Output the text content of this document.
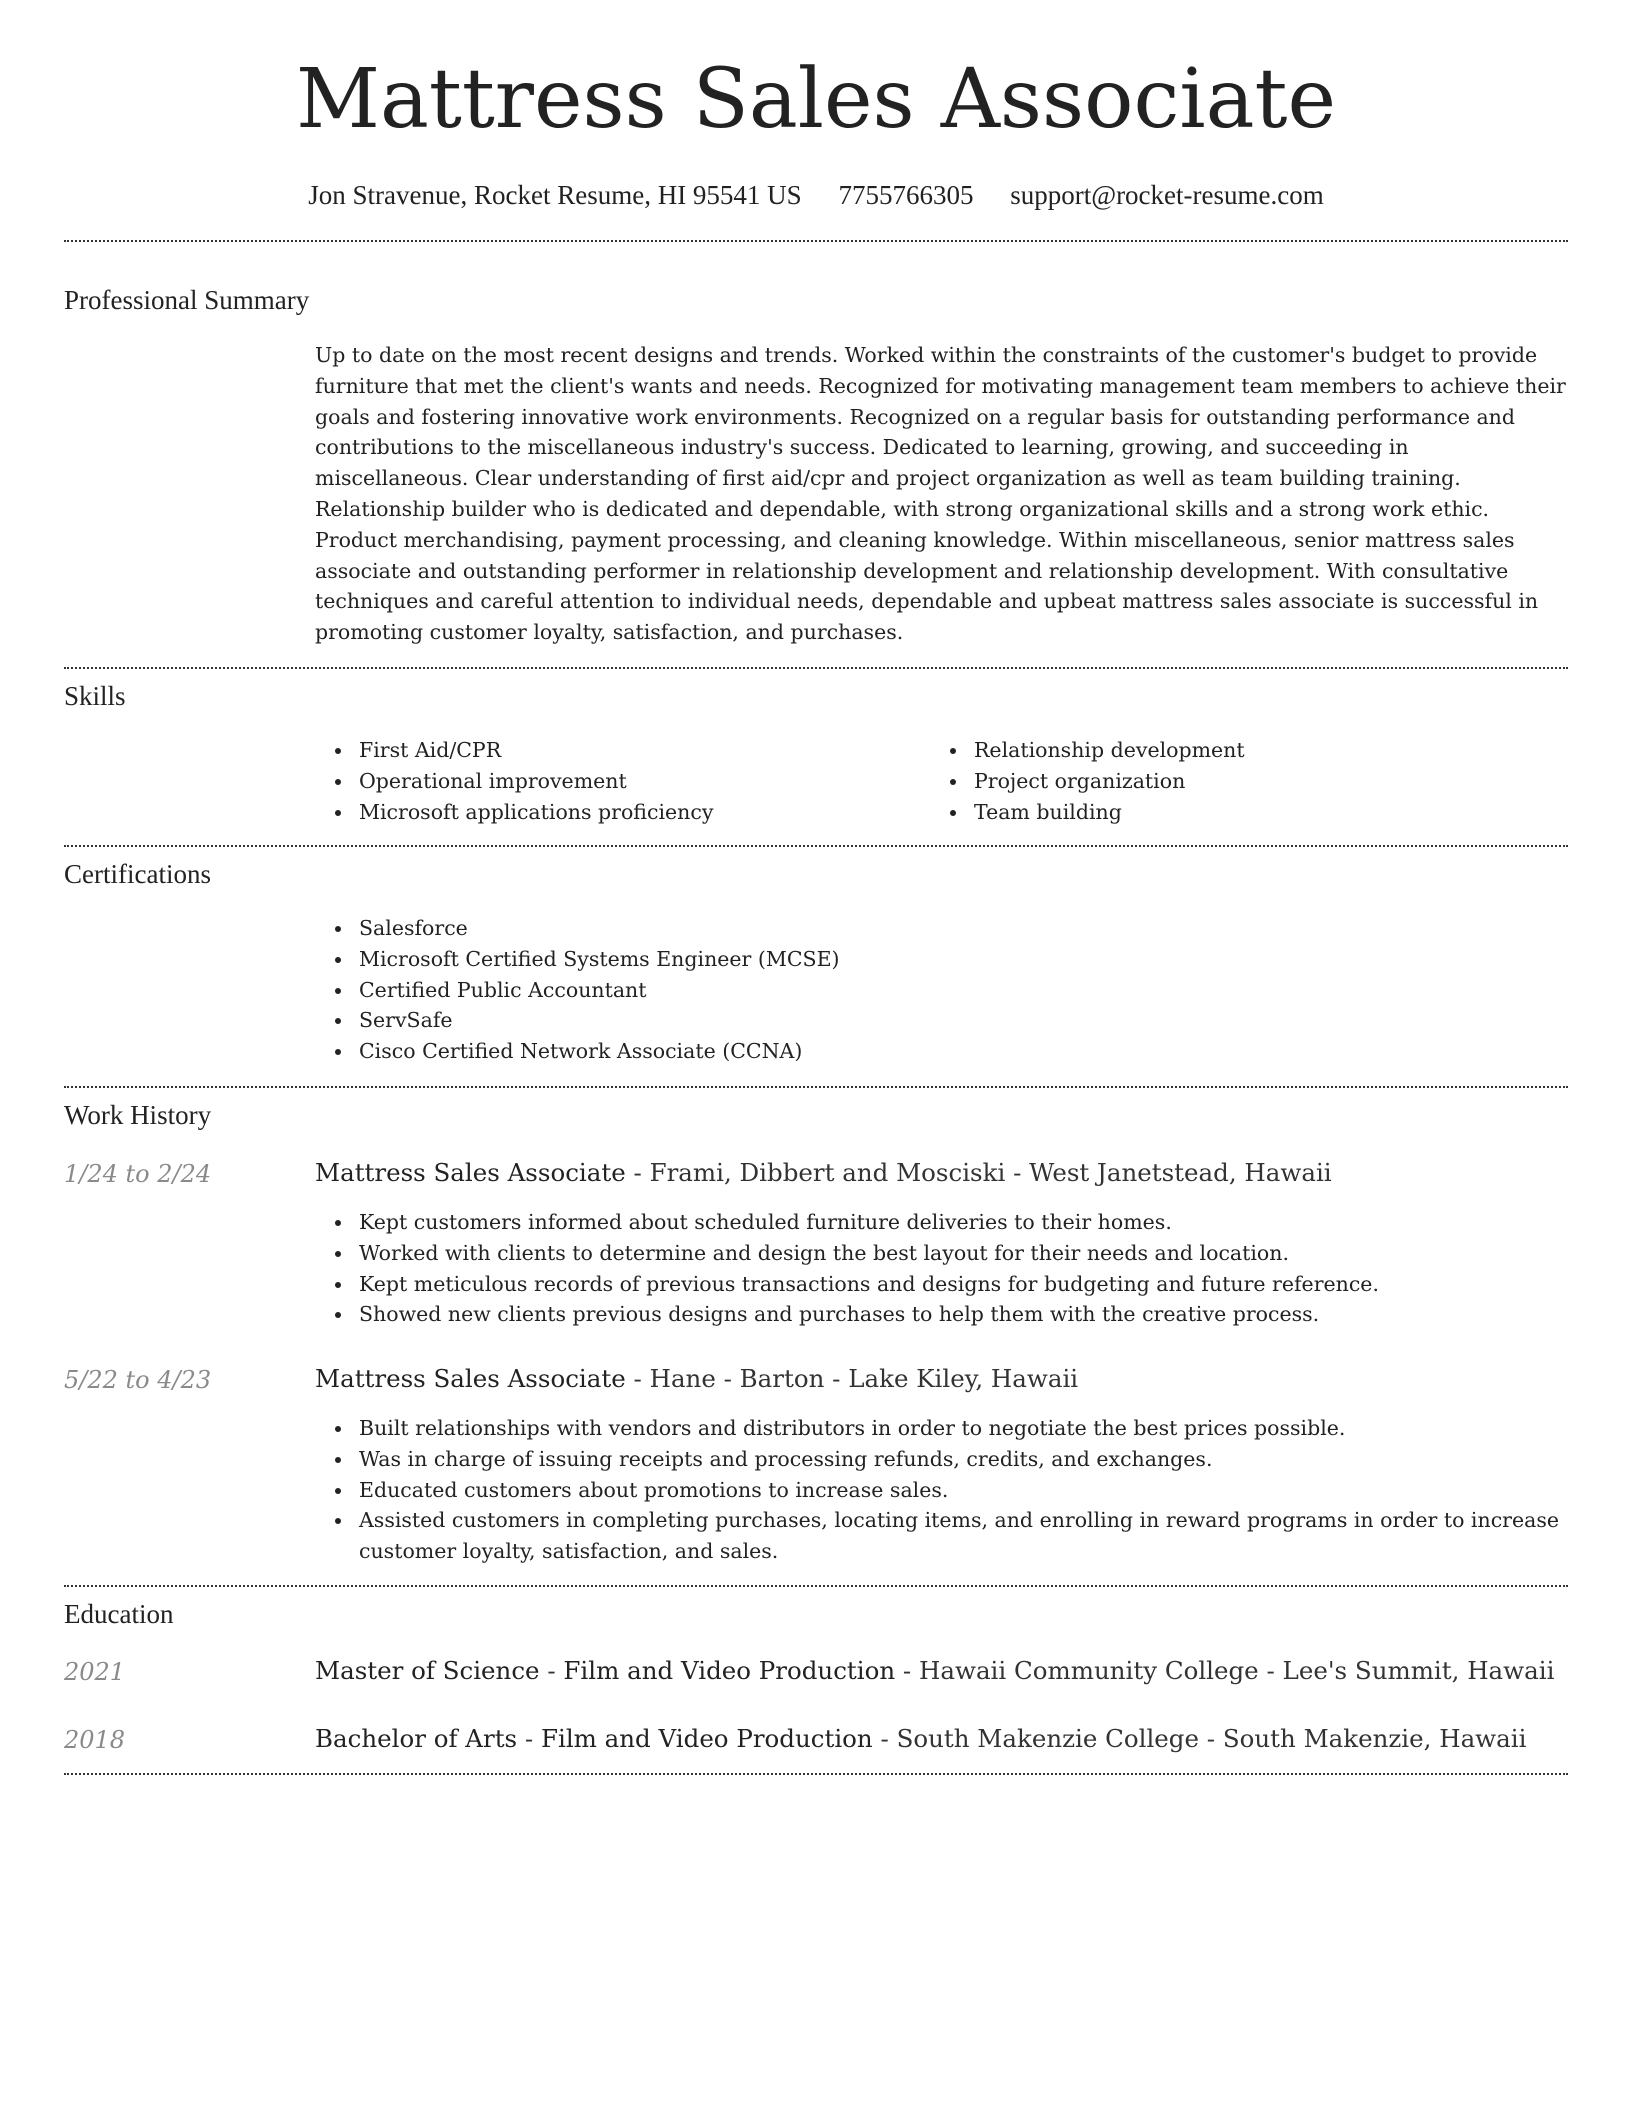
Mattress Sales Associate
Jon Stravenue, Rocket Resume, HI 95541 US 7755766305 support@rocket-resume.com
Professional Summary
Up to date on the most recent designs and trends. Worked within the constraints of the customer's budget to provide furniture that met the client's wants and needs. Recognized for motivating management team members to achieve their goals and fostering innovative work environments. Recognized on a regular basis for outstanding performance and contributions to the miscellaneous industry's success. Dedicated to learning, growing, and succeeding in miscellaneous. Clear understanding of first aid/cpr and project organization as well as team building training. Relationship builder who is dedicated and dependable, with strong organizational skills and a strong work ethic. Product merchandising, payment processing, and cleaning knowledge. Within miscellaneous, senior mattress sales associate and outstanding performer in relationship development and relationship development. With consultative techniques and careful attention to individual needs, dependable and upbeat mattress sales associate is successful in promoting customer loyalty, satisfaction, and purchases.
Skills
First Aid/CPR
Operational improvement
Microsoft applications proficiency
Relationship development
Project organization
Team building
Certifications
Salesforce
Microsoft Certified Systems Engineer (MCSE)
Certified Public Accountant
ServSafe
Cisco Certified Network Associate (CCNA)
Work History
1/24 to 2/24	Mattress Sales Associate - Frami, Dibbert and Mosciski - West Janetstead, Hawaii
Kept customers informed about scheduled furniture deliveries to their homes.
Worked with clients to determine and design the best layout for their needs and location.
Kept meticulous records of previous transactions and designs for budgeting and future reference.
Showed new clients previous designs and purchases to help them with the creative process.
5/22 to 4/23	Mattress Sales Associate - Hane - Barton - Lake Kiley, Hawaii
Built relationships with vendors and distributors in order to negotiate the best prices possible.
Was in charge of issuing receipts and processing refunds, credits, and exchanges.
Educated customers about promotions to increase sales.
Assisted customers in completing purchases, locating items, and enrolling in reward programs in order to increase customer loyalty, satisfaction, and sales.
Education
2021	Master of Science - Film and Video Production - Hawaii Community College - Lee's Summit, Hawaii
2018	Bachelor of Arts - Film and Video Production - South Makenzie College - South Makenzie, Hawaii
